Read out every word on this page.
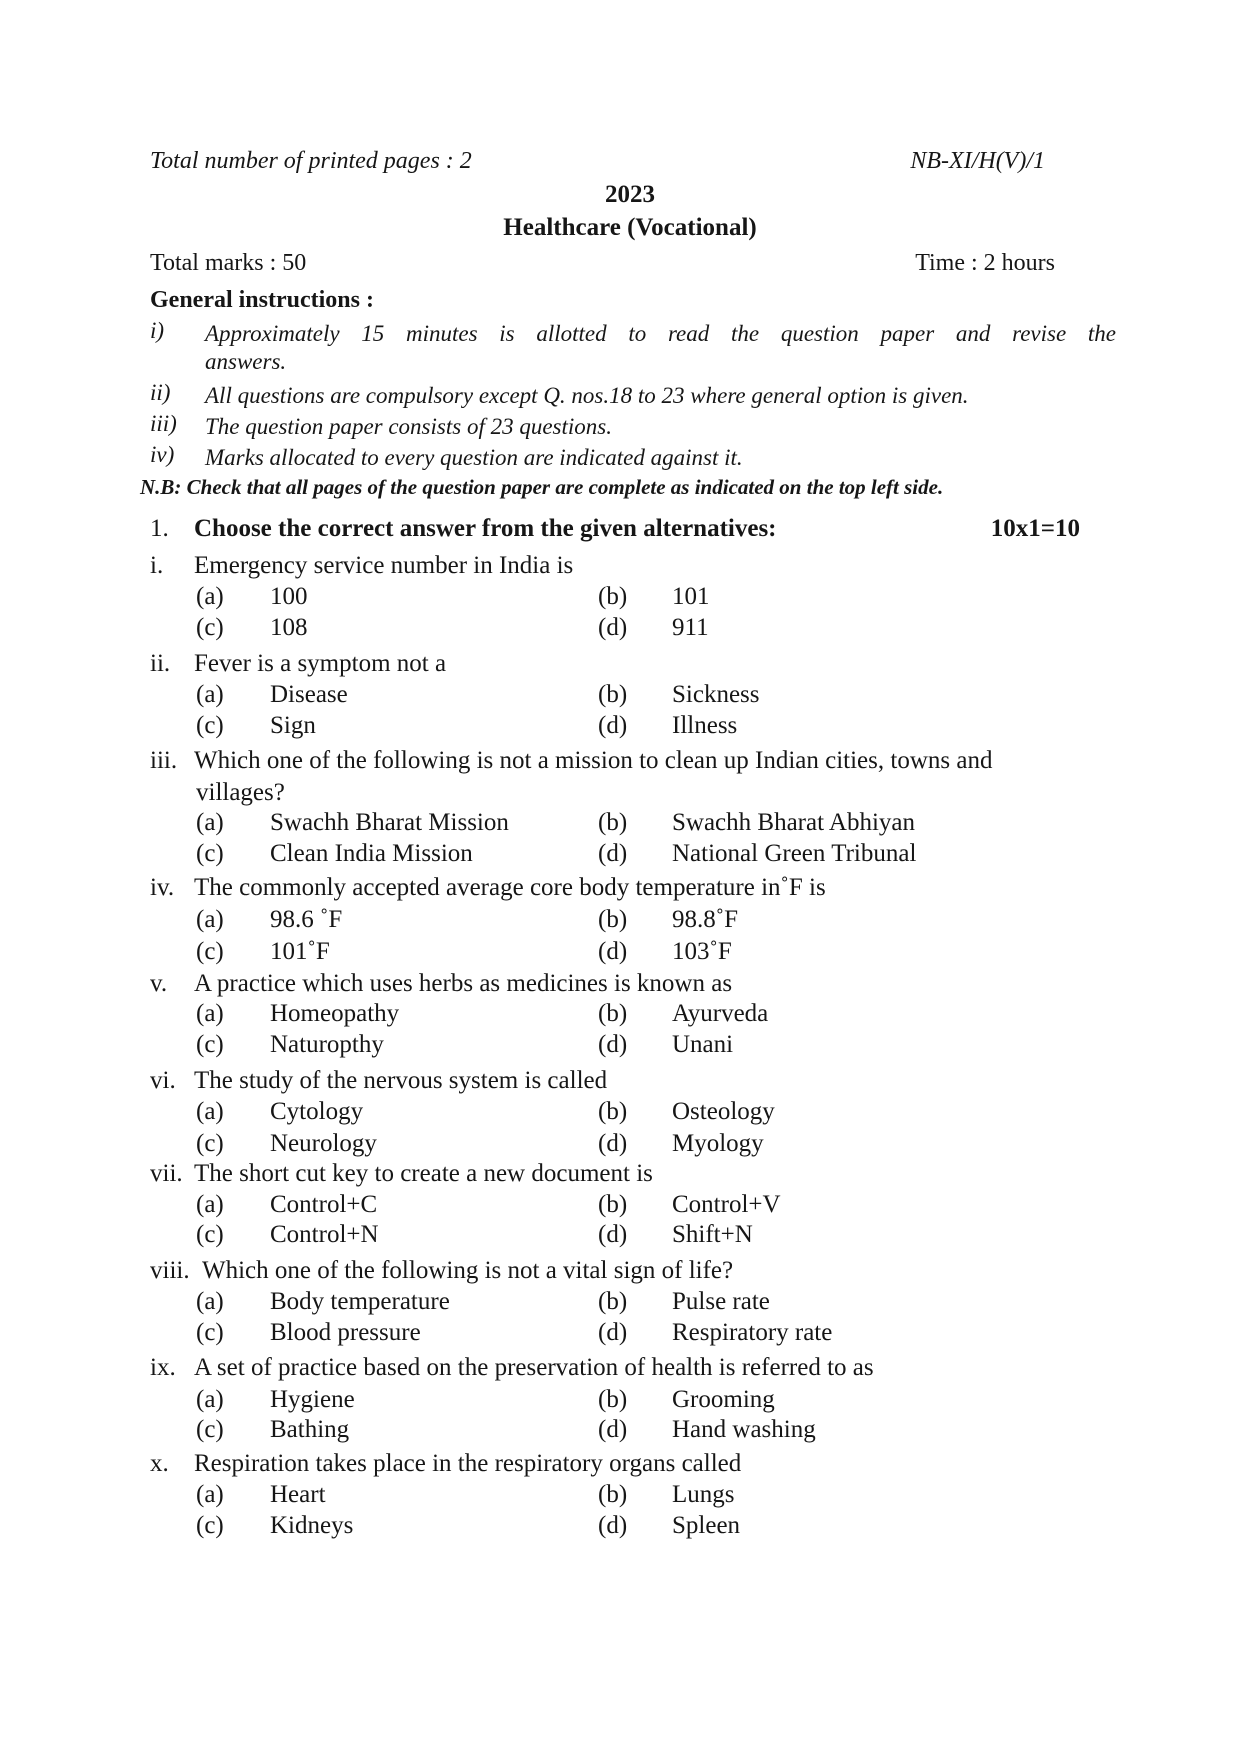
Total number of printed pages : 2	NB-XI/H(V)/1
2023
Healthcare (Vocational)
Total marks : 50	Time : 2 hours
General instructions :
i) Approximately 15 minutes is allotted to read the question paper and revise the
answers.
ii) All questions are compulsory except Q. nos.18 to 23 where general option is given.
iii) The question paper consists of 23 questions.
iv) Marks allocated to every question are indicated against it.
N.B: Check that all pages of the question paper are complete as indicated on the top left side.
1. Choose the correct answer from the given alternatives:	10x1=10
i. Emergency service number in India is
(a) 100	(b) 101
(c) 108	(d) 911
ii. Fever is a symptom not a
(a) Disease	(b) Sickness
(c) Sign	(d) Illness
iii. Which one of the following is not a mission to clean up Indian cities, towns and
villages?
(a) Swachh Bharat Mission	(b) Swachh Bharat Abhiyan
(c) Clean India Mission	(d) National Green Tribunal
iv. The commonly accepted average core body temperature in˚F is
(a) 98.6 ˚F	(b) 98.8˚F
(c) 101˚F	(d) 103˚F
v. A practice which uses herbs as medicines is known as
(a) Homeopathy	(b) Ayurveda
(c) Naturopthy	(d) Unani
vi. The study of the nervous system is called
(a) Cytology	(b) Osteology
(c) Neurology	(d) Myology
vii. The short cut key to create a new document is
(a) Control+C	(b) Control+V
(c) Control+N	(d) Shift+N
viii. Which one of the following is not a vital sign of life?
(a) Body temperature	(b) Pulse rate
(c) Blood pressure	(d) Respiratory rate
ix. A set of practice based on the preservation of health is referred to as
(a) Hygiene	(b) Grooming
(c) Bathing	(d) Hand washing
x. Respiration takes place in the respiratory organs called
(a) Heart	(b) Lungs
(c) Kidneys	(d) Spleen
